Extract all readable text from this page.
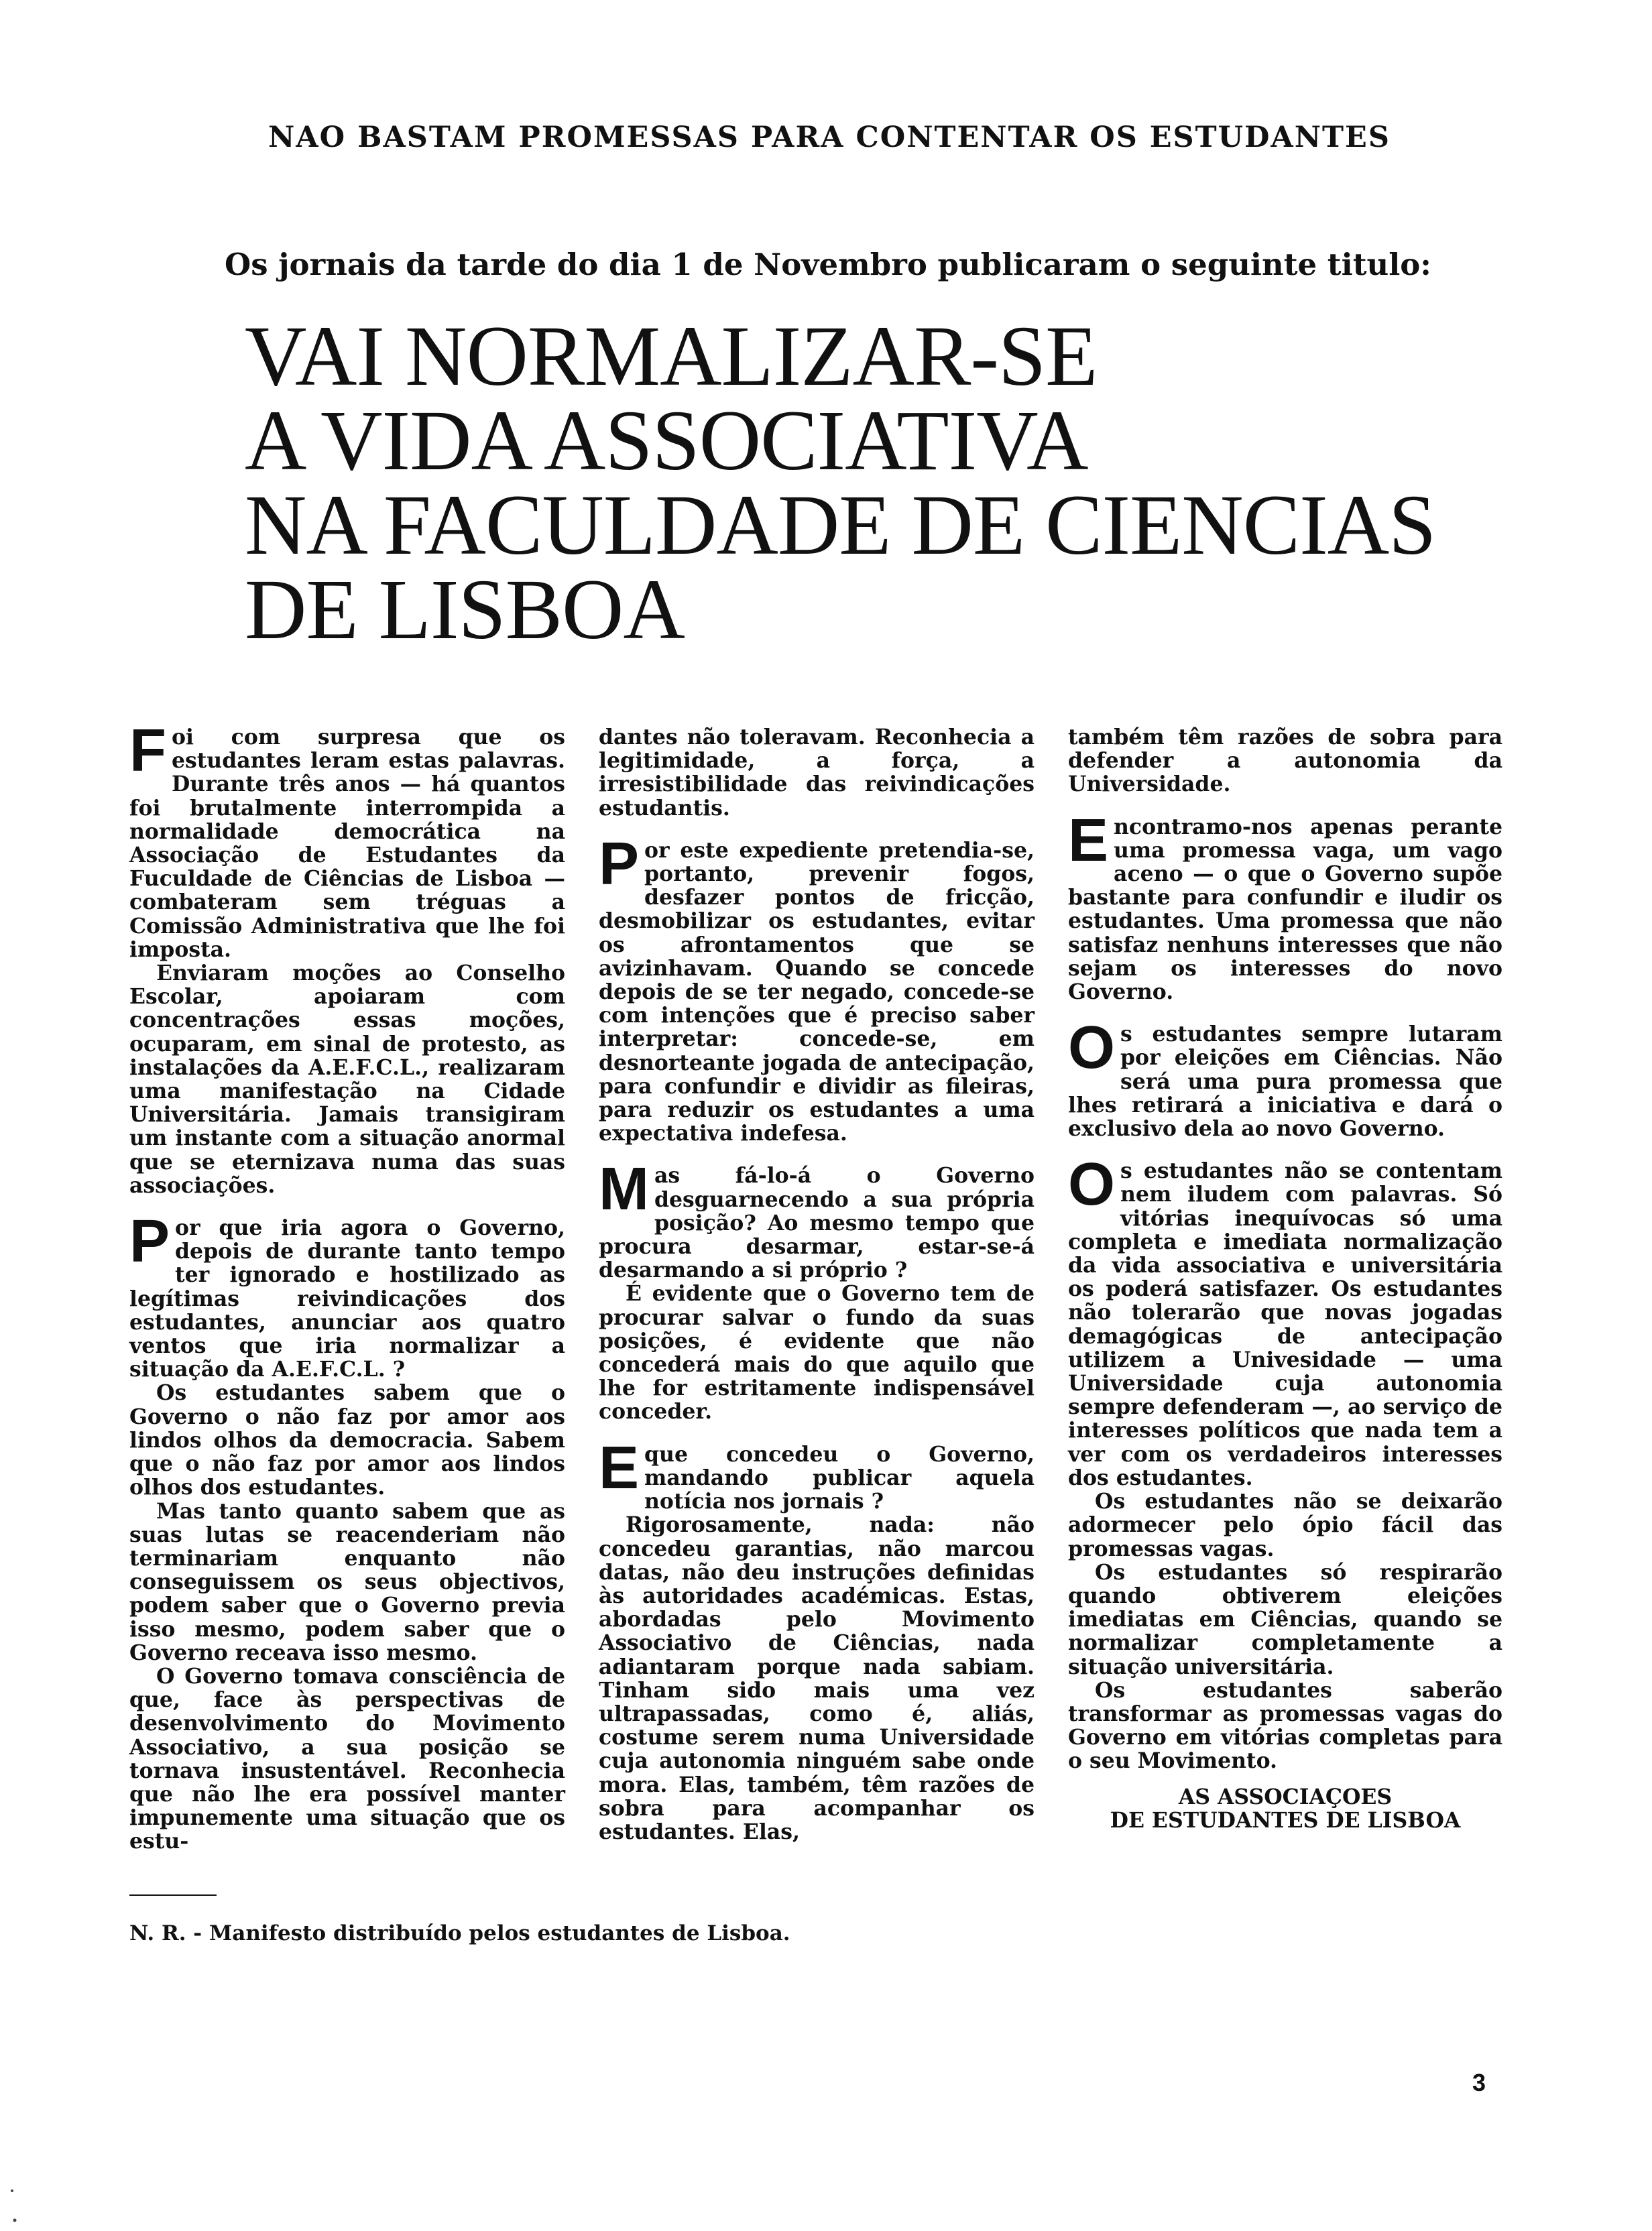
NAO BASTAM PROMESSAS PARA CONTENTAR OS ESTUDANTES
Os jornais da tarde do dia 1 de Novembro publicaram o seguinte titulo:
VAI NORMALIZAR-SE
A VIDA ASSOCIATIVA
NA FACULDADE DE CIENCIAS
DE LISBOA

Foi com surpresa que os estudantes leram estas palavras. Durante três anos — há quantos foi brutalmente interrompida a normalidade democrática na Associação de Estudantes da Fuculdade de Ciências de Lisboa — combateram sem tréguas a Comissão Administrativa que lhe foi imposta.

Enviaram moções ao Conselho Escolar, apoiaram com concentrações essas moções, ocuparam, em sinal de protesto, as instalações da A.E.F.C.L., realizaram uma manifestação na Cidade Universitária. Jamais transigiram um instante com a situação anormal que se eternizava numa das suas associações.

Por que iria agora o Governo, depois de durante tanto tempo ter ignorado e hostilizado as legítimas reivindicações dos estudantes, anunciar aos quatro ventos que iria normalizar a situação da A.E.F.C.L. ?

Os estudantes sabem que o Governo o não faz por amor aos lindos olhos da democracia. Sabem que o não faz por amor aos lindos olhos dos estudantes.

Mas tanto quanto sabem que as suas lutas se reacenderiam não terminariam enquanto não conseguissem os seus objectivos, podem saber que o Governo previa isso mesmo, podem saber que o Governo receava isso mesmo.

O Governo tomava consciência de que, face às perspectivas de desenvolvimento do Movimento Associativo, a sua posição se tornava insustentável. Reconhecia que não lhe era possível manter impunemente uma situação que os estu-

dantes não toleravam. Reconhecia a legitimidade, a força, a irresistibilidade das reivindicações estudantis.

Por este expediente pretendia-se, portanto, prevenir fogos, desfazer pontos de fricção, desmobilizar os estudantes, evitar os afrontamentos que se avizinhavam. Quando se concede depois de se ter negado, concede-se com intenções que é preciso saber interpretar: concede-se, em desnorteante jogada de antecipação, para confundir e dividir as fileiras, para reduzir os estudantes a uma expectativa indefesa.

Mas fá-lo-á o Governo desguarnecendo a sua própria posição? Ao mesmo tempo que procura desarmar, estar-se-á desarmando a si próprio ?

É evidente que o Governo tem de procurar salvar o fundo da suas posições, é evidente que não concederá mais do que aquilo que lhe for estritamente indispensável conceder.

E que concedeu o Governo, mandando publicar aquela notícia nos jornais ?

Rigorosamente, nada: não concedeu garantias, não marcou datas, não deu instruções definidas às autoridades académicas. Estas, abordadas pelo Movimento Associativo de Ciências, nada adiantaram porque nada sabiam. Tinham sido mais uma vez ultrapassadas, como é, aliás, costume serem numa Universidade cuja autonomia ninguém sabe onde mora. Elas, também, têm razões de sobra para acompanhar os estudantes. Elas,

também têm razões de sobra para defender a autonomia da Universidade.

Encontramo-nos apenas perante uma promessa vaga, um vago aceno — o que o Governo supõe bastante para confundir e iludir os estudantes. Uma promessa que não satisfaz nenhuns interesses que não sejam os interesses do novo Governo.

Os estudantes sempre lutaram por eleições em Ciências. Não será uma pura promessa que lhes retirará a iniciativa e dará o exclusivo dela ao novo Governo.

Os estudantes não se contentam nem iludem com palavras. Só vitórias inequívocas só uma completa e imediata normalização da vida associativa e universitária os poderá satisfazer. Os estudantes não tolerarão que novas jogadas demagógicas de antecipação utilizem a Univesidade — uma Universidade cuja autonomia sempre defenderam —, ao serviço de interesses políticos que nada tem a ver com os verdadeiros interesses dos estudantes.

Os estudantes não se deixarão adormecer pelo ópio fácil das promessas vagas.

Os estudantes só respirarão quando obtiverem eleições imediatas em Ciências, quando se normalizar completamente a situação universitária.

Os estudantes saberão transformar as promessas vagas do Governo em vitórias completas para o seu Movimento.

AS ASSOCIAÇOES
DE ESTUDANTES DE LISBOA
N. R. - Manifesto distribuído pelos estudantes de Lisboa.
3
